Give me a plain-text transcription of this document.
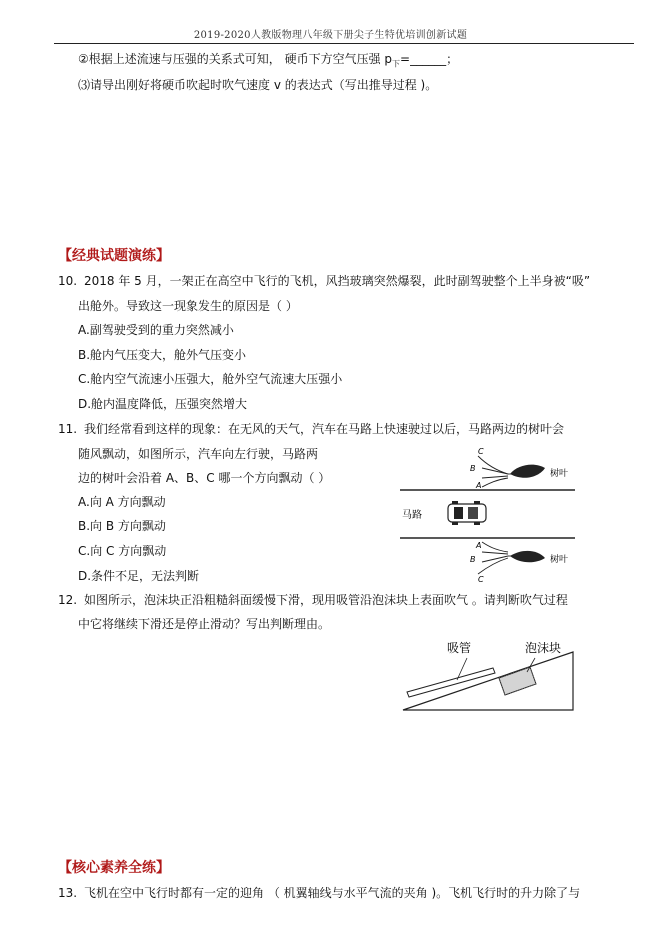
2019-2020人教版物理八年级下册尖子生特优培训创新试题
②根据上述流速与压强的关系式可知， 硬币下方空气压强 $p_下=\_\_\_\_\_\_$；
⑶请导出刚好将硬币吹起时吹气速度 v 的表达式（写出推导过程 )。
【经典试题演练】
10. 2018 年 5 月，一架正在高空中飞行的飞机，风挡玻璃突然爆裂，此时副驾驶整个上半身被“吸”
出舱外。导致这一现象发生的原因是（ ）
A.副驾驶受到的重力突然减小
B.舱内气压变大，舱外气压变小
C.舱内空气流速小压强大，舱外空气流速大压强小
D.舱内温度降低，压强突然增大
11. 我们经常看到这样的现象：在无风的天气，汽车在马路上快速驶过以后，马路两边的树叶会
随风飘动，如图所示，汽车向左行驶，马路两
边的树叶会沿着 A、B、C 哪一个方向飘动（ ）
A.向 A 方向飘动
B.向 B 方向飘动
C.向 C 方向飘动
D.条件不足，无法判断
C
B
A
树叶
马路
A
B
C
树叶
12. 如图所示，泡沫块正沿粗糙斜面缓慢下滑，现用吸管沿泡沫块上表面吹气 。请判断吹气过程
中它将继续下滑还是停止滑动？写出判断理由。
吸管	泡沫块
【核心素养全练】
13. 飞机在空中飞行时都有一定的迎角 （ 机翼轴线与水平气流的夹角 )。飞机飞行时的升力除了与
